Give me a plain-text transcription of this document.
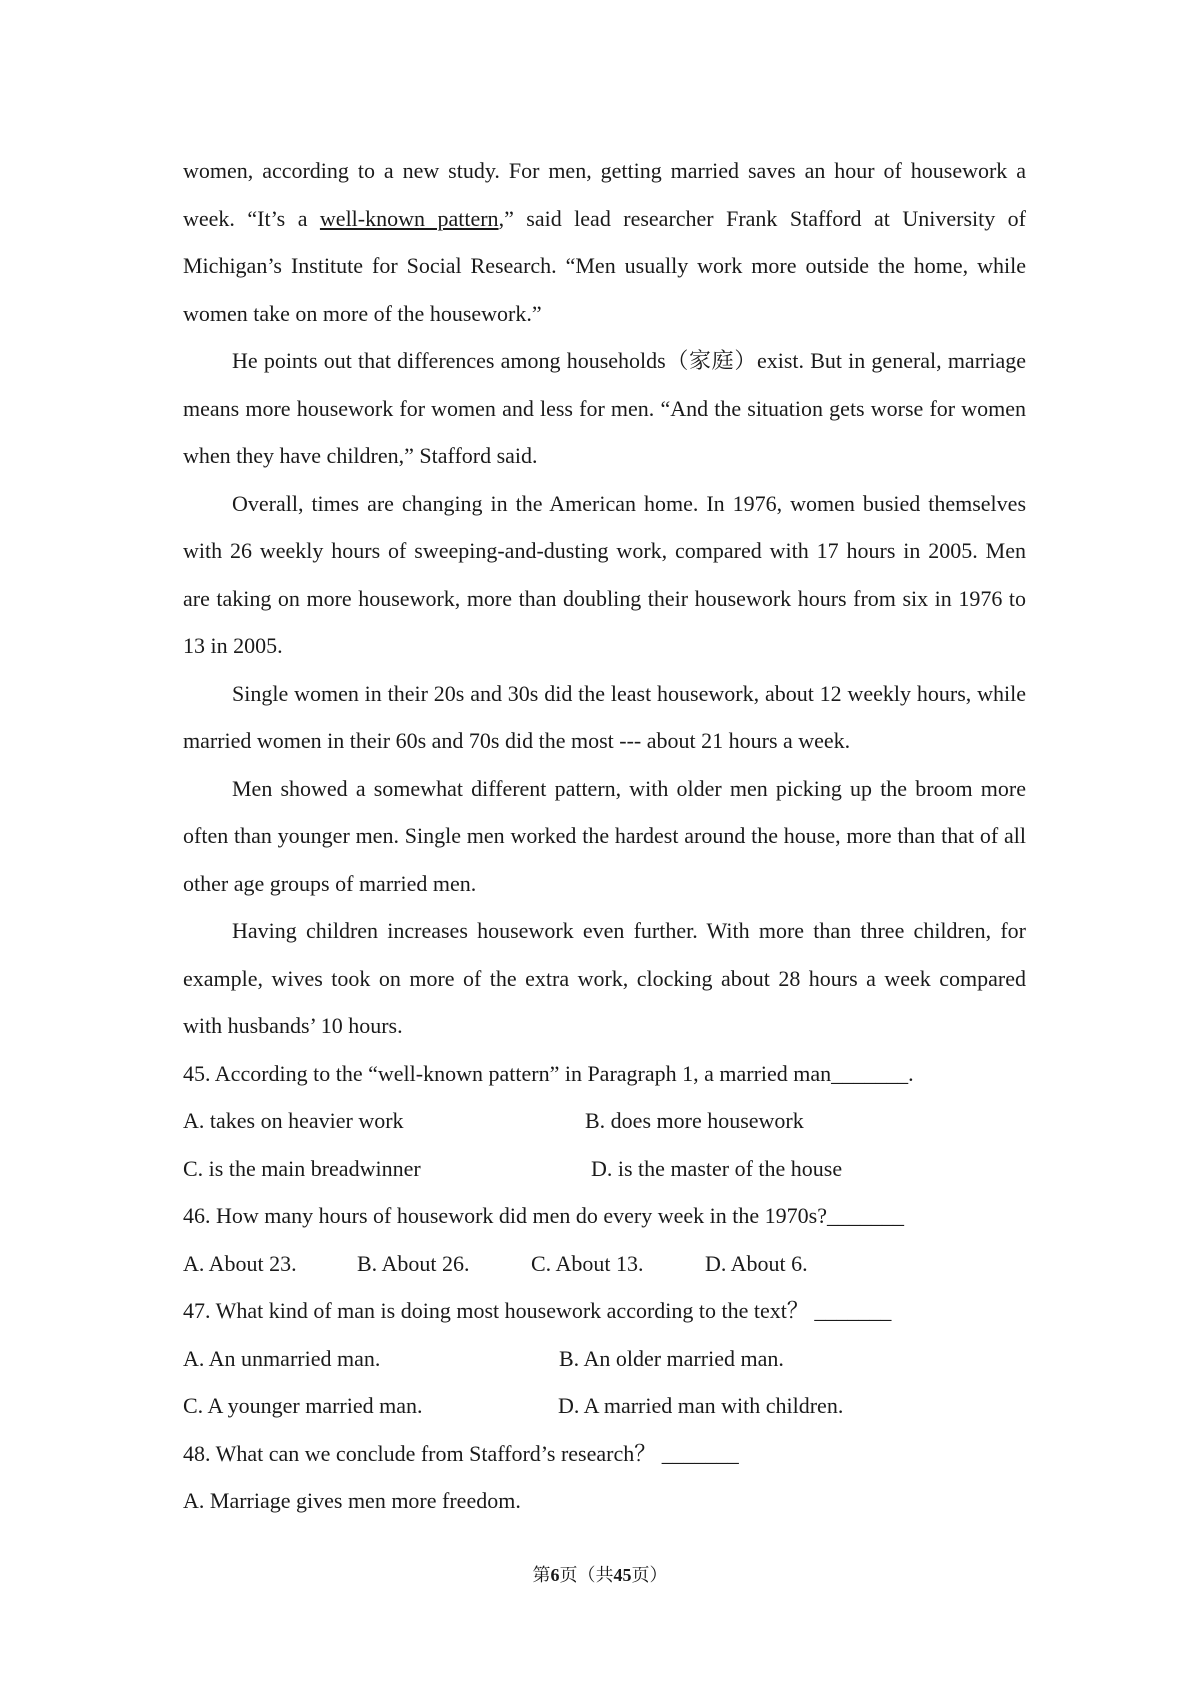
women, according to a new study. For men, getting married saves an hour of housework a week. “It’s a well-known pattern,” said lead researcher Frank Stafford at University of Michigan’s Institute for Social Research. “Men usually work more outside the home, while women take on more of the housework.”

He points out that differences among households（家庭）exist. But in general, marriage means more housework for women and less for men. “And the situation gets worse for women when they have children,” Stafford said.

Overall, times are changing in the American home. In 1976, women busied themselves with 26 weekly hours of sweeping-and-dusting work, compared with 17 hours in 2005. Men are taking on more housework, more than doubling their housework hours from six in 1976 to 13 in 2005.

Single women in their 20s and 30s did the least housework, about 12 weekly hours, while married women in their 60s and 70s did the most --- about 21 hours a week.

Men showed a somewhat different pattern, with older men picking up the broom more often than younger men. Single men worked the hardest around the house, more than that of all other age groups of married men.

Having children increases housework even further. With more than three children, for example, wives took on more of the extra work, clocking about 28 hours a week compared with husbands’ 10 hours.

45. According to the “well-known pattern” in Paragraph 1, a married man_______.

A. takes on heavier work	B. does more housework
C. is the main breadwinner	D. is the master of the house

46. How many hours of housework did men do every week in the 1970s?_______

A. About 23.	B. About 26.	C. About 13.	D. About 6.

47. What kind of man is doing most housework according to the text？ _______

A. An unmarried man.	B. An older married man.
C. A younger married man.	D. A married man with children.

48. What can we conclude from Stafford’s research？ _______

A. Marriage gives men more freedom.

第6页（共45页）
